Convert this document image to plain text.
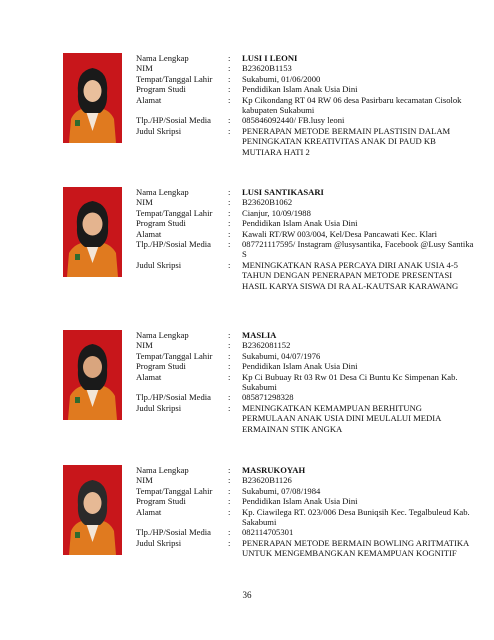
Nama Lengkap	:	LUSI I LEONI
NIM	:	B23620B1153
Tempat/Tanggal Lahir	:	Sukabumi, 01/06/2000
Program Studi	:	Pendidikan Islam Anak Usia Dini
Alamat	:	Kp Cikondang RT 04 RW 06 desa Pasirbaru kecamatan Cisolok kabupaten Sukabumi
Tlp./HP/Sosial Media	:	085846092440/ FB.lusy leoni
Judul Skripsi	:	PENERAPAN METODE BERMAIN PLASTISIN DALAM PENINGKATAN KREATIVITAS ANAK DI PAUD KB MUTIARA HATI 2
Nama Lengkap	:	LUSI SANTIKASARI
NIM	:	B23620B1062
Tempat/Tanggal Lahir	:	Cianjur, 10/09/1988
Program Studi	:	Pendidikan Islam Anak Usia Dini
Alamat	:	Kawali RT/RW 003/004, Kel/Desa Pancawati Kec. Klari
Tlp./HP/Sosial Media	:	087721117595/ Instagram @lusysantika, Facebook @Lusy Santika S
Judul Skripsi	:	MENINGKATKAN RASA PERCAYA DIRI ANAK USIA 4-5 TAHUN DENGAN PENERAPAN METODE PRESENTASI HASIL KARYA SISWA DI RA AL-KAUTSAR KARAWANG
Nama Lengkap	:	MASLIA
NIM	:	B2362081152
Tempat/Tanggal Lahir	:	Sukabumi, 04/07/1976
Program Studi	:	Pendidikan Islam Anak Usia Dini
Alamat	:	Kp Ci Bubuay Rt 03 Rw 01 Desa Ci Buntu Kc Simpenan Kab. Sukabumi
Tlp./HP/Sosial Media	:	085871298328
Judul Skripsi	:	MENINGKATKAN KEMAMPUAN BERHITUNG PERMULAAN ANAK USIA DINI MEULALUI MEDIA ERMAINAN STIK ANGKA
Nama Lengkap	:	MASRUKOYAH
NIM	:	B23620B1126
Tempat/Tanggal Lahir	:	Sukabumi, 07/08/1984
Program Studi	:	Pendidikan Islam Anak Usia Dini
Alamat	:	Kp. Ciawilega RT. 023/006 Desa Buniqsih Kec. Tegalbuleud Kab. Sakabumi
Tlp./HP/Sosial Media	:	082114705301
Judul Skripsi	:	PENERAPAN METODE BERMAIN BOWLING ARITMATIKA UNTUK MENGEMBANGKAN KEMAMPUAN KOGNITIF
36
